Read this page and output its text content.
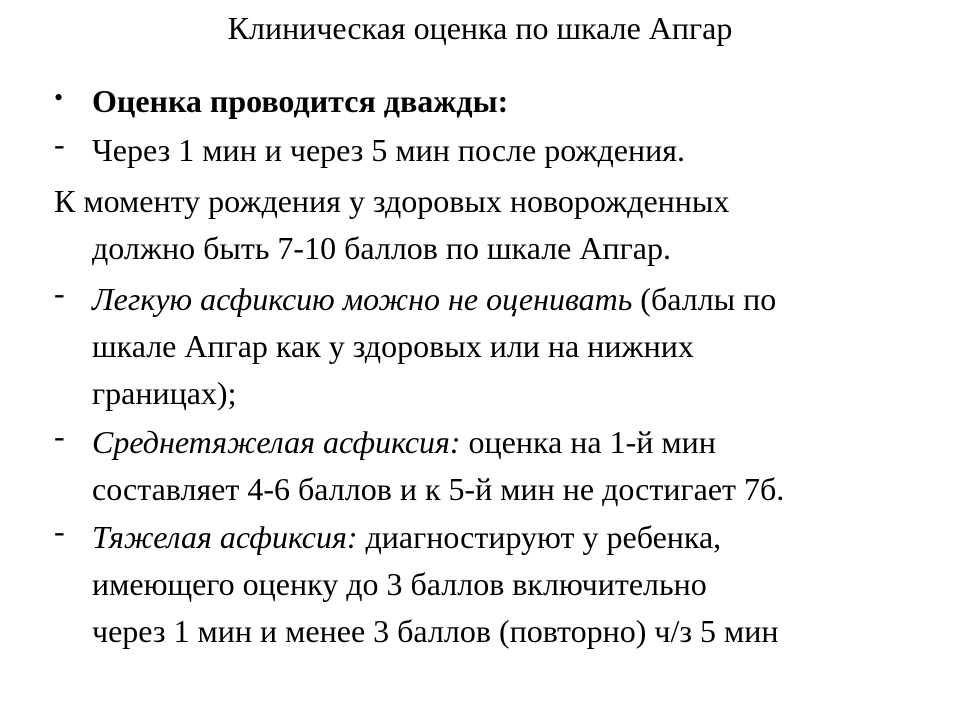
Клиническая оценка по шкале Апгар
• Оценка проводится дважды:
- Через 1 мин и через 5 мин после рождения.
К моменту рождения у здоровых новорожденных
должно быть 7-10 баллов по шкале Апгар.
- Легкую асфиксию можно не оценивать (баллы по
шкале Апгар как у здоровых или на нижних
границах);
- Среднетяжелая асфиксия: оценка на 1-й мин
составляет 4-6 баллов и к 5-й мин не достигает 7б.
- Тяжелая асфиксия: диагностируют у ребенка,
имеющего оценку до 3 баллов включительно
через 1 мин и менее 3 баллов (повторно) ч/з 5 мин
